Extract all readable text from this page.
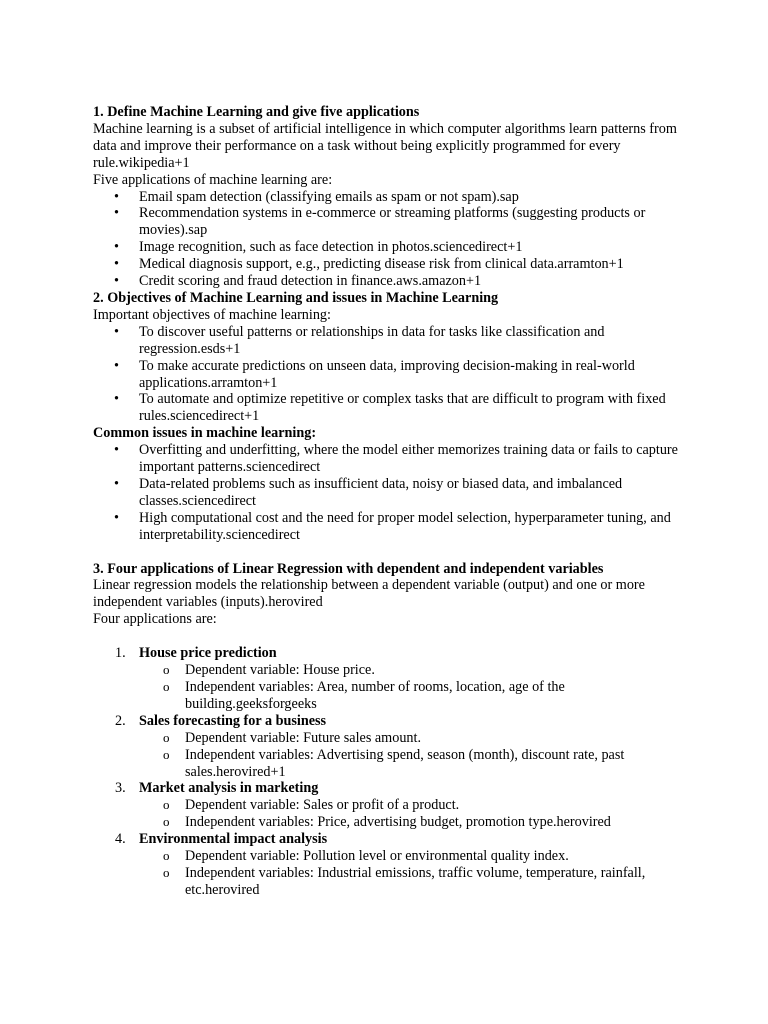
1. Define Machine Learning and give five applications

Machine learning is a subset of artificial intelligence in which computer algorithms learn patterns from data and improve their performance on a task without being explicitly programmed for every rule.wikipedia+1

Five applications of machine learning are:

•
Email spam detection (classifying emails as spam or not spam).sap
•
Recommendation systems in e-commerce or streaming platforms (suggesting products or movies).sap
•
Image recognition, such as face detection in photos.sciencedirect+1
•
Medical diagnosis support, e.g., predicting disease risk from clinical data.arramton+1
•
Credit scoring and fraud detection in finance.aws.amazon+1

2. Objectives of Machine Learning and issues in Machine Learning

Important objectives of machine learning:

•
To discover useful patterns or relationships in data for tasks like classification and regression.esds+1
•
To make accurate predictions on unseen data, improving decision-making in real-world applications.arramton+1
•
To automate and optimize repetitive or complex tasks that are difficult to program with fixed rules.sciencedirect+1

Common issues in machine learning:

•
Overfitting and underfitting, where the model either memorizes training data or fails to capture important patterns.sciencedirect
•
Data-related problems such as insufficient data, noisy or biased data, and imbalanced classes.sciencedirect
•
High computational cost and the need for proper model selection, hyperparameter tuning, and interpretability.sciencedirect

3. Four applications of Linear Regression with dependent and independent variables

Linear regression models the relationship between a dependent variable (output) and one or more independent variables (inputs).herovired

Four applications are:

1. House price prediction
o Dependent variable: House price.
o Independent variables: Area, number of rooms, location, age of the building.geeksforgeeks
2. Sales forecasting for a business
o Dependent variable: Future sales amount.
o Independent variables: Advertising spend, season (month), discount rate, past sales.herovired+1
3. Market analysis in marketing
o Dependent variable: Sales or profit of a product.
o Independent variables: Price, advertising budget, promotion type.herovired
4. Environmental impact analysis
o Dependent variable: Pollution level or environmental quality index.
o Independent variables: Industrial emissions, traffic volume, temperature, rainfall, etc.herovired
